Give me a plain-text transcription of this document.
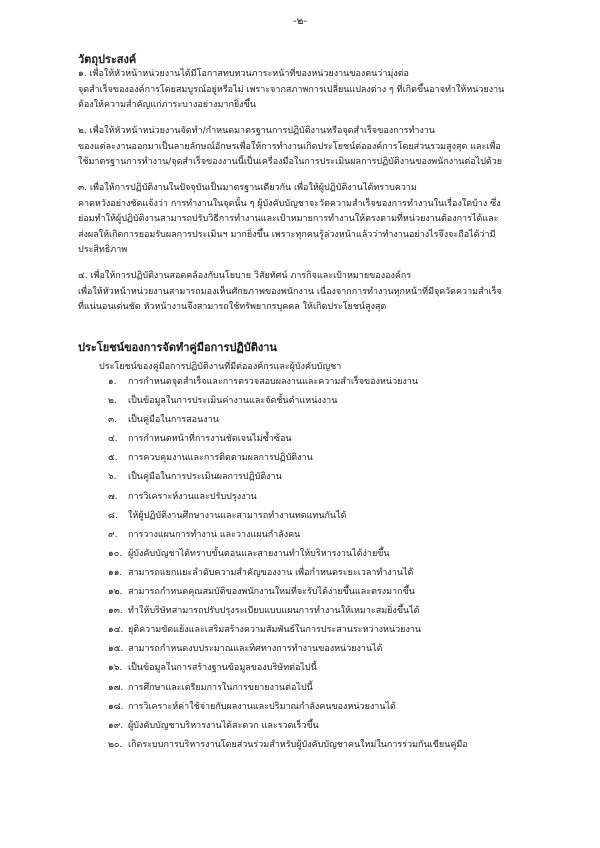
-๒-
วัตถุประสงค์
๑. เพื่อให้หัวหน้าหน่วยงานได้มีโอกาสทบทวนภาระหน้าที่ของหน่วยงานของตนว่ามุ่งต่อ
จุดสำเร็จขององค์การโดยสมบูรณ์อยู่หรือไม่ เพราะจากสภาพการเปลี่ยนแปลงต่าง ๆ ที่เกิดขึ้นอาจทำให้หน่วยงาน
ต้องให้ความสำคัญแก่ภาระบางอย่างมากยิ่งขึ้น
๒. เพื่อให้หัวหน้าหน่วยงานจัดทำ/กำหนดมาตรฐานการปฏิบัติงานหรือจุดสำเร็จของการทำงาน
ของแต่ละงานออกมาเป็นลายลักษณ์อักษรเพื่อให้การทำงานเกิดประโยชน์ต่อองค์การโดยส่วนรวมสูงสุด และเพื่อ
ใช้มาตรฐานการทำงาน/จุดสำเร็จของงานนี้เป็นเครื่องมือในการประเมินผลการปฏิบัติงานของพนักงานต่อไปด้วย
๓. เพื่อให้การปฏิบัติงานในปัจจุบันเป็นมาตรฐานเดียวกัน เพื่อให้ผู้ปฏิบัติงานได้ทราบความ
คาดหวังอย่างชัดแจ้งว่า การทำงานในจุดนั้น ๆ ผู้บังคับบัญชาจะวัดความสำเร็จของการทำงานในเรื่องใดบ้าง ซึ่ง
ย่อมทำให้ผู้ปฏิบัติงานสามารถปรับวิธีการทำงานและเป้าหมายการทำงานให้ตรงตามที่หน่วยงานต้องการได้และ
ส่งผลให้เกิดการยอมรับผลการประเมินฯ มากยิ่งขึ้น เพราะทุกคนรู้ล่วงหน้าแล้วว่าทำงานอย่างไรจึงจะถือได้ว่ามี
ประสิทธิภาพ
๔. เพื่อให้การปฏิบัติงานสอดคล้องกับนโยบาย วิสัยทัศน์ ภารกิจและเป้าหมายขององค์กร
เพื่อให้หัวหน้าหน่วยงานสามารถมองเห็นศักยภาพของพนักงาน เนื่องจากการทำงานทุกหน้าที่มีจุดวัดความสำเร็จ
ที่แน่นอนเด่นชัด หัวหน้างานจึงสามารถใช้ทรัพยากรบุคคล ให้เกิดประโยชน์สูงสุด
ประโยชน์ของการจัดทำคู่มือการปฏิบัติงาน
ประโยชน์ของคู่มือการปฏิบัติงานที่มีต่อองค์กรและผู้บังคับบัญชา
๑. การกำหนดจุดสำเร็จและการตรวจสอบผลงานและความสำเร็จของหน่วยงาน
๒. เป็นข้อมูลในการประเมินค่างานและจัดชั้นตำแหน่งงาน
๓. เป็นคู่มือในการสอนงาน
๔. การกำหนดหน้าที่การงานชัดเจนไม่ซ้ำซ้อน
๕. การควบคุมงานและการติดตามผลการปฏิบัติงาน
๖. เป็นคู่มือในการประเมินผลการปฏิบัติงาน
๗. การวิเคราะห์งานและปรับปรุงงาน
๘. ให้ผู้ปฏิบัติงานศึกษางานและสามารถทำงานทดแทนกันได้
๙. การวางแผนการทำงาน และวางแผนกำลังคน
๑๐. ผู้บังคับบัญชาได้ทราบขั้นตอนและสายงานทำให้บริหารงานได้ง่ายขึ้น
๑๑. สามารถแยกแยะลำดับความสำคัญของงาน เพื่อกำหนดระยะเวลาทำงานได้
๑๒. สามารถกำหนดคุณสมบัติของพนักงานใหม่ที่จะรับได้ง่ายขึ้นและตรงมากขึ้น
๑๓. ทำให้บริษัทสามารถปรับปรุงระเบียบแบบแผนการทำงานให้เหมาะสมยิ่งขึ้นได้
๑๔. ยุติความขัดแย้งและเสริมสร้างความสัมพันธ์ในการประสานระหว่างหน่วยงาน
๑๕. สามารถกำหนดงบประมาณและทิศทางการทำงานของหน่วยงานได้
๑๖. เป็นข้อมูลในการสร้างฐานข้อมูลของบริษัทต่อไปนี้
๑๗. การศึกษาและเตรียมการในการขยายงานต่อไปนี้
๑๘. การวิเคราะห์ค่าใช้จ่ายกับผลงานและปริมาณกำลังคนของหน่วยงานได้
๑๙. ผู้บังคับบัญชาบริหารงานได้สะดวก และรวดเร็วขึ้น
๒๐. เกิดระบบการบริหารงานโดยส่วนร่วมสำหรับผู้บังคับบัญชาคนใหม่ในการร่วมกันเขียนคู่มือ
